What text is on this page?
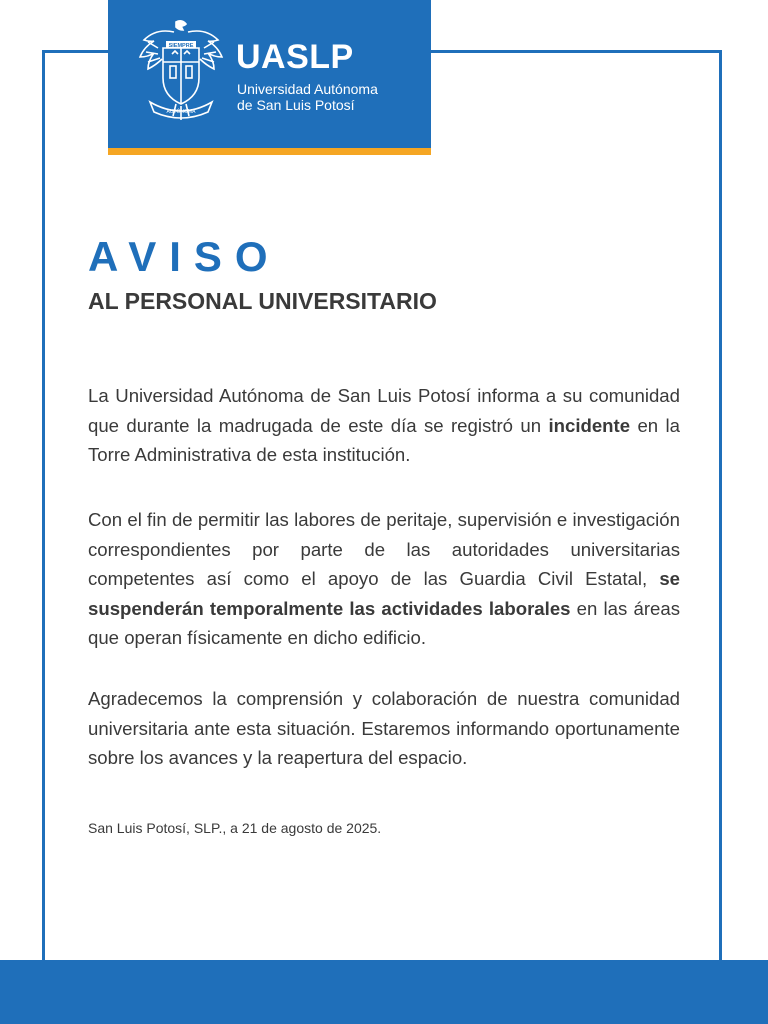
SIEMPRE
AUTÓNOMA
UASLP
Universidad Autónoma
de San Luis Potosí
AVISO
AL PERSONAL UNIVERSITARIO

La Universidad Autónoma de San Luis Potosí informa a su comunidad que durante la madrugada de este día se registró un incidente en la Torre Administrativa de esta institución.

Con el fin de permitir las labores de peritaje, supervisión e investigación correspondientes por parte de las autoridades universitarias competentes así como el apoyo de las Guardia Civil Estatal, se suspenderán temporalmente las actividades laborales en las áreas que operan físicamente en dicho edificio.

Agradecemos la comprensión y colaboración de nuestra comunidad universitaria ante esta situación. Estaremos informando oportunamente sobre los avances y la reapertura del espacio.

San Luis Potosí, SLP., a 21 de agosto de 2025.
